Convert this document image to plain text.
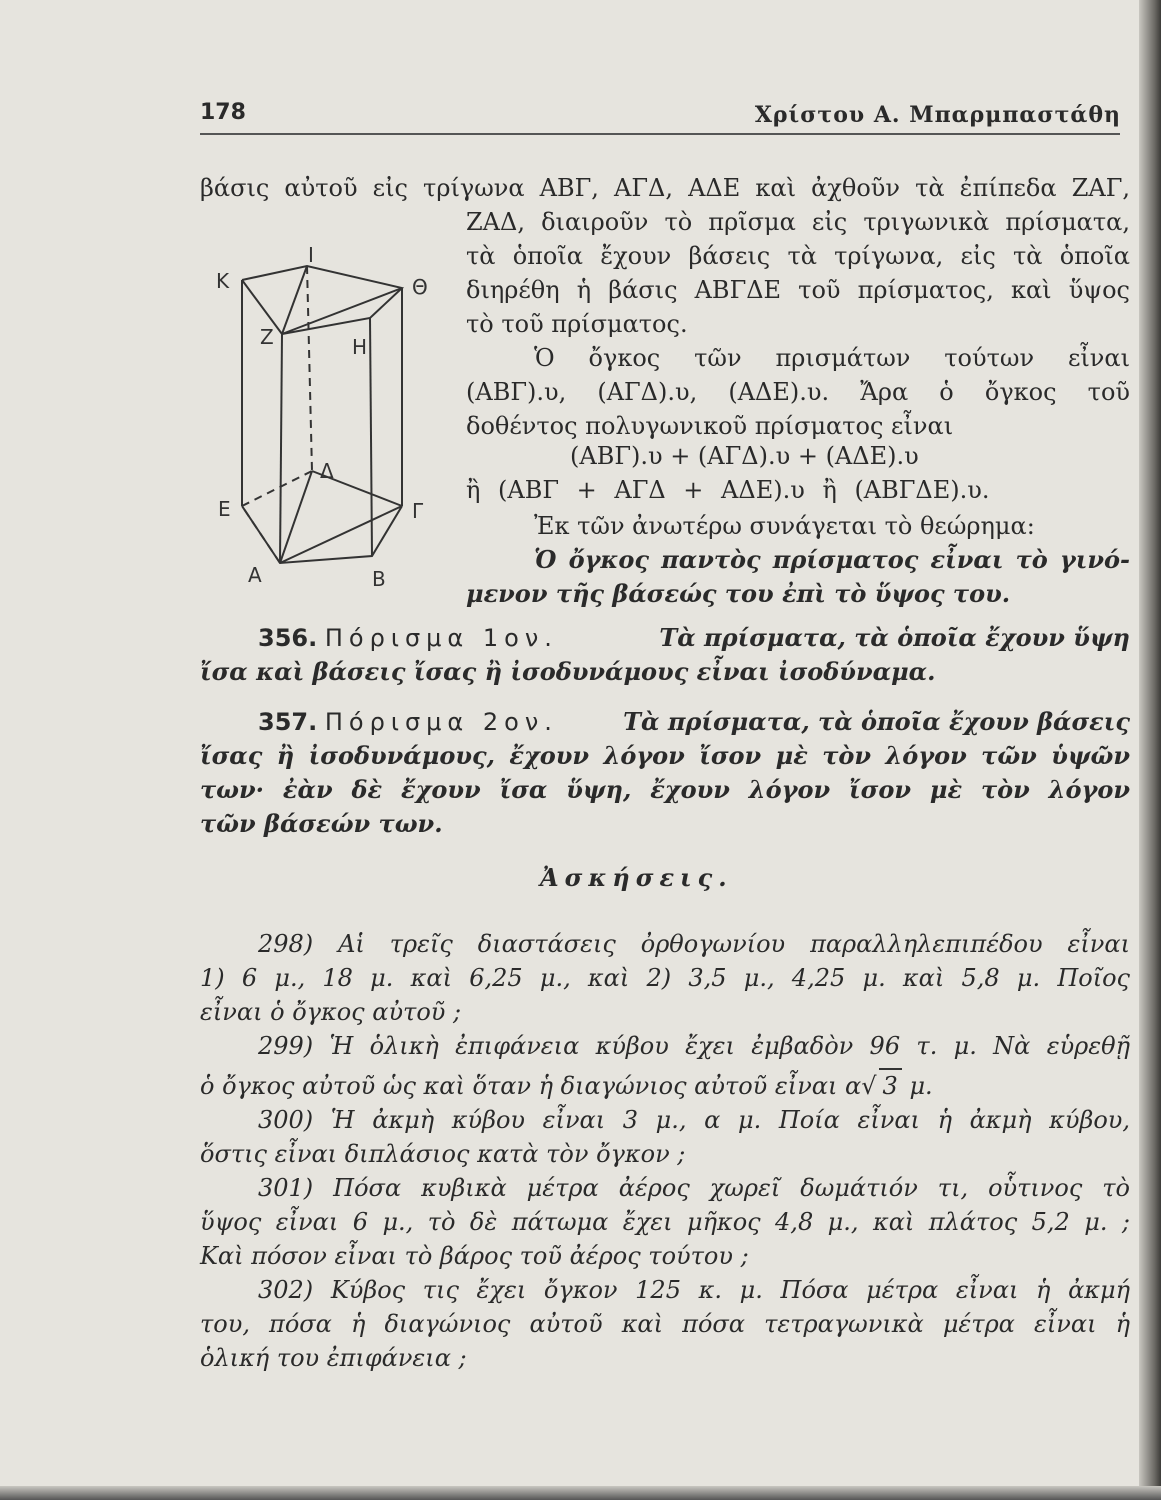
178	Χρίστου Α. Μπαρμπαστάθη
I
K	Θ
Z	H
Δ
E	Γ
A	B
βάσις αὐτοῦ εἰς τρίγωνα ΑΒΓ, ΑΓΔ, ΑΔΕ καὶ ἀχθοῦν τὰ ἐπίπεδα ΖΑΓ,
ΖΑΔ, διαιροῦν τὸ πρῖσμα εἰς τριγωνικὰ πρίσματα,
τὰ ὁποῖα ἔχουν βάσεις τὰ τρίγωνα, εἰς τὰ ὁποῖα
διηρέθη ἡ βάσις ΑΒΓΔΕ τοῦ πρίσματος, καὶ ὕψος
τὸ τοῦ πρίσματος.
Ὁ ὄγκος τῶν πρισμάτων τούτων εἶναι
(ΑΒΓ).υ, (ΑΓΔ).υ, (ΑΔΕ).υ. Ἄρα ὁ ὄγκος τοῦ
δοθέντος πολυγωνικοῦ πρίσματος εἶναι
(ΑΒΓ).υ + (ΑΓΔ).υ + (ΑΔΕ).υ
ἢ (ΑΒΓ + ΑΓΔ + ΑΔΕ).υ ἢ (ΑΒΓΔΕ).υ.
Ἐκ τῶν ἀνωτέρω συνάγεται τὸ θεώρημα:
Ὁ ὄγκος παντὸς πρίσματος εἶναι τὸ γινό-
μενον τῆς βάσεώς του ἐπὶ τὸ ὕψος του.
356. Πόρισμα 1ον.	Τὰ πρίσματα, τὰ ὁποῖα ἔχουν ὕψη
ἴσα καὶ βάσεις ἴσας ἢ ἰσοδυνάμους εἶναι ἰσοδύναμα.
357. Πόρισμα 2ον.	Τὰ πρίσματα, τὰ ὁποῖα ἔχουν βάσεις
ἴσας ἢ ἰσοδυνάμους, ἔχουν λόγον ἴσον μὲ τὸν λόγον τῶν ὑψῶν
των· ἐὰν δὲ ἔχουν ἴσα ὕψη, ἔχουν λόγον ἴσον μὲ τὸν λόγον
τῶν βάσεών των.
Ἀσκήσεις.
298) Αἱ τρεῖς διαστάσεις ὀρθογωνίου παραλληλεπιπέδου εἶναι
1) 6 μ., 18 μ. καὶ 6,25 μ., καὶ 2) 3,5 μ., 4,25 μ. καὶ 5,8 μ. Ποῖος
εἶναι ὁ ὄγκος αὐτοῦ ;
299) Ἡ ὁλικὴ ἐπιφάνεια κύβου ἔχει ἐμβαδὸν 96 τ. μ. Νὰ εὑρεθῇ
ὁ ὄγκος αὐτοῦ ὡς καὶ ὅταν ἡ διαγώνιος αὐτοῦ εἶναι α√ 3 μ.
300) Ἡ ἀκμὴ κύβου εἶναι 3 μ., α μ. Ποία εἶναι ἡ ἀκμὴ κύβου,
ὅστις εἶναι διπλάσιος κατὰ τὸν ὄγκον ;
301) Πόσα κυβικὰ μέτρα ἀέρος χωρεῖ δωμάτιόν τι, οὗτινος τὸ
ὕψος εἶναι 6 μ., τὸ δὲ πάτωμα ἔχει μῆκος 4,8 μ., καὶ πλάτος 5,2 μ. ;
Καὶ πόσον εἶναι τὸ βάρος τοῦ ἀέρος τούτου ;
302) Κύβος τις ἔχει ὄγκον 125 κ. μ. Πόσα μέτρα εἶναι ἡ ἀκμή
του, πόσα ἡ διαγώνιος αὐτοῦ καὶ πόσα τετραγωνικὰ μέτρα εἶναι ἡ
ὁλική του ἐπιφάνεια ;
